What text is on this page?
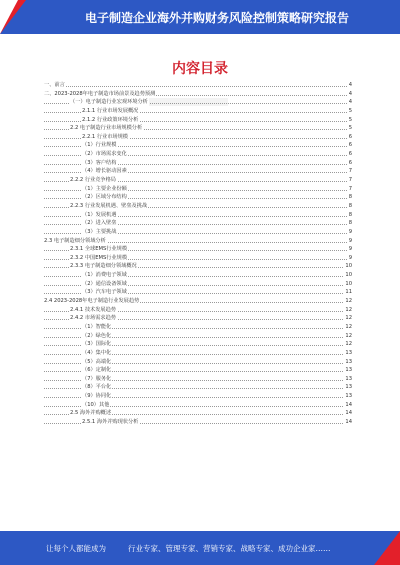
电子制造企业海外并购财务风险控制策略研究报告
内容目录
一、前言	4
二、2023-2028年电子制造市场前景及趋势预测	4
（一）电子制造行业宏观环境分析	4
2.1.1 行业市场发展概况	5
2.1.2 行业政策环境分析	5
2.2 电子制造行业市场规模分析	5
2.2.1 行业市场规模	6
（1）行业规模	6
（2）市场需求变化	6
（3）客户结构	6
（4）增长驱动因素	7
2.2.2 行业竞争格局	7
（1）主要企业份额	7
（2）区域分布结构	8
2.2.3 行业发展机遇、壁垒及挑战	8
（1）发展机遇	8
（2）进入壁垒	8
（3）主要挑战	9
2.3 电子制造细分领域分析	9
2.3.1 全球EMS行业规模	9
2.3.2 中国EMS行业规模	9
2.3.3 电子制造细分领域概况	10
（1）消费电子领域	10
（2）通信设备领域	10
（3）汽车电子领域	11
2.4 2023-2028年电子制造行业发展趋势	12
2.4.1 技术发展趋势	12
2.4.2 市场需求趋势	12
（1）智能化	12
（2）绿色化	12
（3）国际化	12
（4）集中化	13
（5）高端化	13
（6）定制化	13
（7）服务化	13
（8）平台化	13
（9）协同化	13
（10）其他	14
2.5 海外并购概述	14
2.5.1 海外并购现状分析	14
让每个人都能成为	行业专家、管理专家、营销专家、战略专家、成功企业家……
